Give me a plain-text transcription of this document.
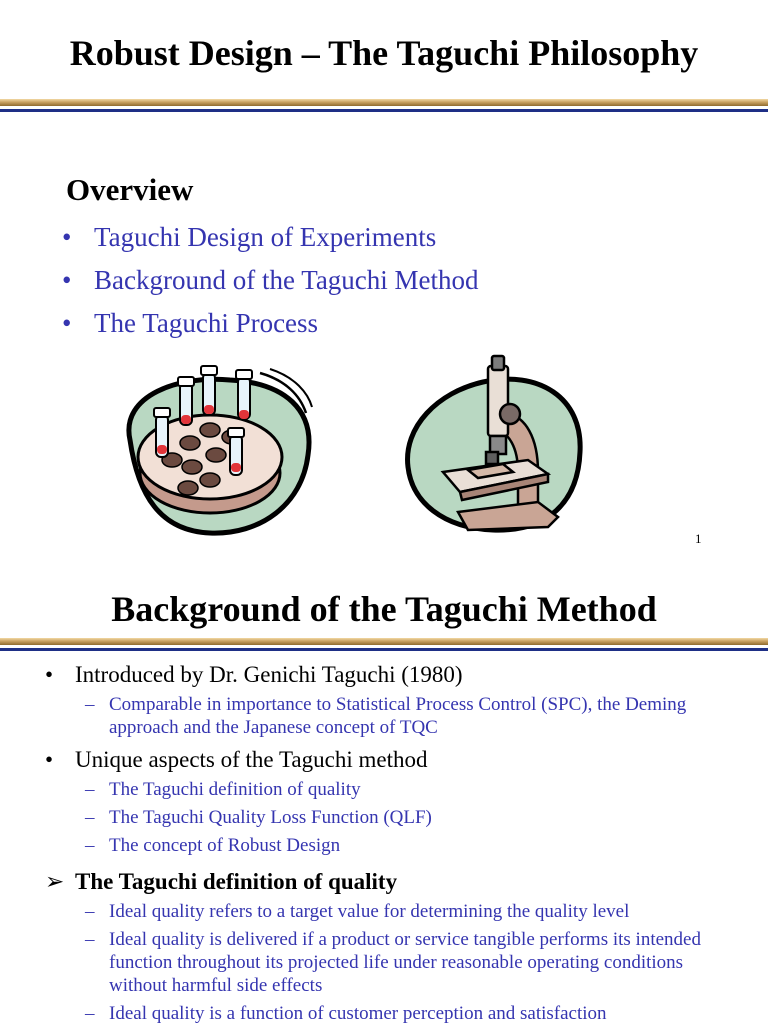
Robust Design – The Taguchi Philosophy
Overview
• Taguchi Design of Experiments
• Background of the Taguchi Method
• The Taguchi Process
1
Background of the Taguchi Method
• Introduced by Dr. Genichi Taguchi (1980)
– Comparable in importance to Statistical Process Control (SPC), the Deming approach and the Japanese concept of TQC
• Unique aspects of the Taguchi method
– The Taguchi definition of quality
– The Taguchi Quality Loss Function (QLF)
– The concept of Robust Design
➢ The Taguchi definition of quality
– Ideal quality refers to a target value for determining the quality level
– Ideal quality is delivered if a product or service tangible performs its intended function throughout its projected life under reasonable operating conditions without harmful side effects
– Ideal quality is a function of customer perception and satisfaction
